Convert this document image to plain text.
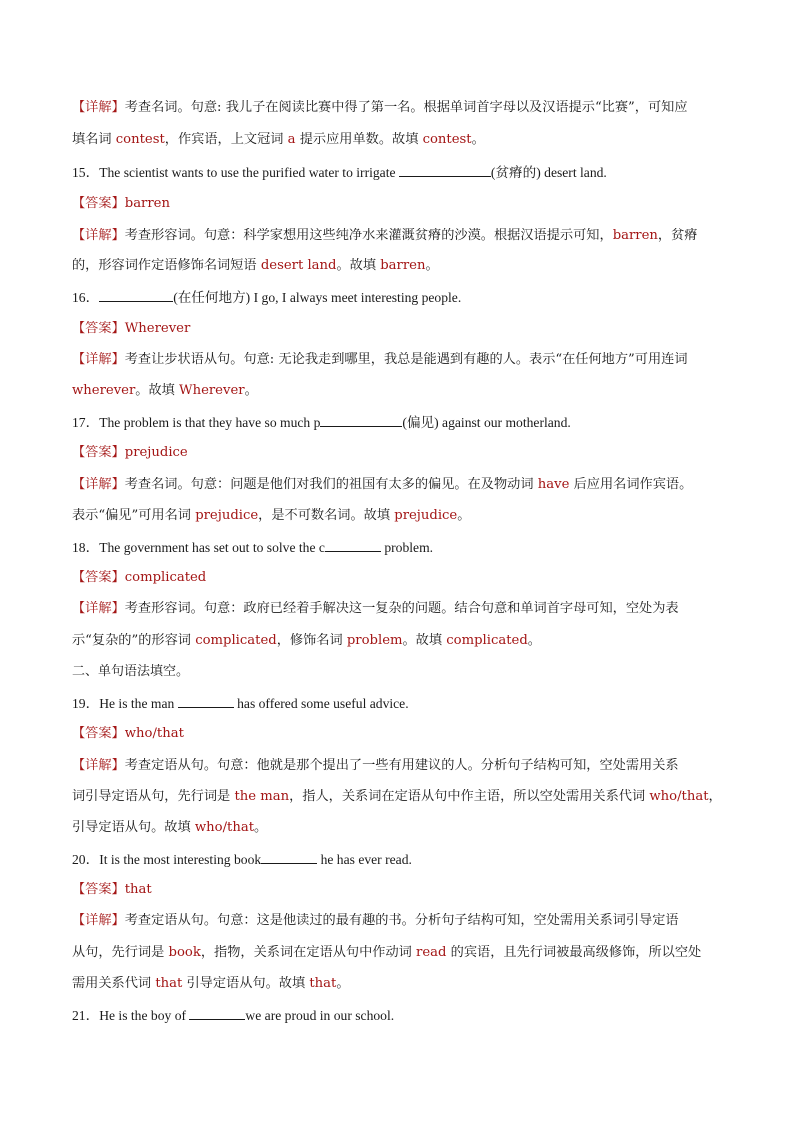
【详解】考查名词。句意: 我儿子在阅读比赛中得了第一名。根据单词首字母以及汉语提示“比赛”，可知应
填名词 contest，作宾语，上文冠词 a 提示应用单数。故填 contest。
15．The scientist wants to use the purified water to irrigate	(贫瘠的) desert land.
【答案】barren
【详解】考查形容词。句意：科学家想用这些纯净水来灌溉贫瘠的沙漠。根据汉语提示可知，barren，贫瘠
的，形容词作定语修饰名词短语 desert land。故填 barren。
16．	(在任何地方) I go, I always meet interesting people.
【答案】Wherever
【详解】考查让步状语从句。句意: 无论我走到哪里，我总是能遇到有趣的人。表示“在任何地方”可用连词
wherever。故填 Wherever。
17．The problem is that they have so much p	(偏见) against our motherland.
【答案】prejudice
【详解】考查名词。句意：问题是他们对我们的祖国有太多的偏见。在及物动词 have 后应用名词作宾语。
表示“偏见”可用名词 prejudice，是不可数名词。故填 prejudice。
18．The government has set out to solve the c	problem.
【答案】complicated
【详解】考查形容词。句意：政府已经着手解决这一复杂的问题。结合句意和单词首字母可知，空处为表
示“复杂的”的形容词 complicated，修饰名词 problem。故填 complicated。
二、单句语法填空。
19．He is the man	has offered some useful advice.
【答案】who/that
【详解】考查定语从句。句意：他就是那个提出了一些有用建议的人。分析句子结构可知，空处需用关系
词引导定语从句，先行词是 the man，指人，关系词在定语从句中作主语，所以空处需用关系代词 who/that，
引导定语从句。故填 who/that。
20．It is the most interesting book	he has ever read.
【答案】that
【详解】考查定语从句。句意：这是他读过的最有趣的书。分析句子结构可知，空处需用关系词引导定语
从句，先行词是 book，指物，关系词在定语从句中作动词 read 的宾语，且先行词被最高级修饰，所以空处
需用关系代词 that 引导定语从句。故填 that。
21．He is the boy of	we are proud in our school.
